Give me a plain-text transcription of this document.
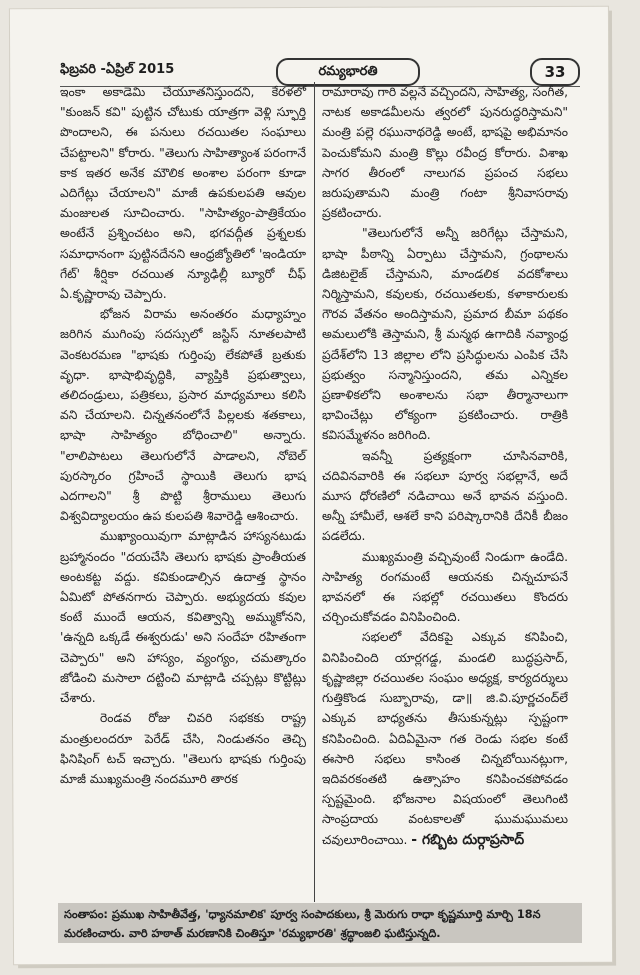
ఫిబ్రవరి -ఏప్రిల్ 2015	రమ్యభారతి	33

ఇంకా అకాడెమి చేయూతనిస్తుందని, కేరళలో "కుంజన్ కవి" పుట్టిన చోటుకు యాత్రగా వెళ్లి స్ఫూర్తి పొందాలని, ఈ పనులు రచయితల సంఘాలు చేపట్టాలని" కోరారు. "తెలుగు సాహిత్యాంశ పరంగానే కాక ఇతర అనేక మౌలిక అంశాల పరంగా కూడా ఎదిగేట్లు చేయాలని" మాజీ ఉపకులపతి ఆవుల మంజులత సూచించారు. "సాహిత్యం-పాత్రికేయం అంటేనే ప్రశ్నించటం అని, భగవద్గీత ప్రశ్నలకు సమాధానంగా పుట్టినదేనని ఆంధ్రజ్యోతిలో 'ఇండియా గేట్' శీర్షికా రచయిత న్యూఢిల్లీ బ్యూరో చీఫ్ ఏ.కృష్ణారావు చెప్పారు.

భోజన విరామ అనంతరం మధ్యాహ్నం జరిగిన ముగింపు సదస్సులో జస్టిస్ నూతలపాటి వెంకటరమణ "భాషకు గుర్తింపు లేకపోతే బ్రతుకు వృధా. భాషాభివృద్ధికి, వ్యాప్తికి ప్రభుత్వాలు, తలిదండ్రులు, పత్రికలు, ప్రసార మాధ్యమాలు కలిసి వని చేయాలని. చిన్నతనంలోనే పిల్లలకు శతకాలు, భాషా సాహిత్యం బోధించాలి" అన్నారు. "లాలిపాటలు తెలుగులోనే పాడాలని, నోబెల్ పురస్కారం గ్రహించే స్థాయికి తెలుగు భాష ఎదగాలని" శ్రీ పొట్టి శ్రీరాములు తెలుగు విశ్వవిద్యాలయం ఉప కులపతి శివారెడ్డి ఆశించారు.

ముఖ్యాంయివుగా మాట్లాడిన హాస్యనటుడు బ్రహ్మానందం "దయచేసి తెలుగు భాషకు ప్రాంతీయత అంటకట్ట వద్దు. కవికుండాల్సిన ఉదాత్త స్థానం ఏమిటో పోతనగారు చెప్పారు. అభ్యుదయ కవుల కంటే ముందే ఆయన, కవిత్వాన్ని అమ్ముకోనని, 'ఉన్నది ఒక్కడే ఈశ్వరుడు' అని సందేహ రహితంగా చెప్పారు" అని హాస్యం, వ్యంగ్యం, చమత్కారం జోడించి మసాలా దట్టించి మాట్లాడి చప్పట్లు కొట్టిట్లు చేశారు.

రెండవ రోజు చివరి సభకకు రాష్ట్ర మంత్రులందరూ పెరేడ్ చేసి, నిండుతనం తెచ్చి ఫినిషింగ్ టచ్ ఇచ్చారు. "తెలుగు భాషకు గుర్తింపు మాజీ ముఖ్యమంత్రి నందమూరి తారక

రామారావు గారి వల్లనే వచ్చిందని, సాహిత్య, సంగీత, నాటక అకాడమీలను త్వరలో పునరుద్ధరిస్తామని" మంత్రి పల్లె రఘునాథరెడ్డి అంటే, భాషపై అభిమానం పెంచుకోమని మంత్రి కొల్లు రవీంద్ర కోరారు. విశాఖ సాగర తీరంలో నాలుగవ ప్రపంచ సభలు జరుపుతామని మంత్రి గంటా శ్రీనివాసరావు ప్రకటించారు.

"తెలుగులోనే అన్నీ జరిగేట్లు చేస్తామని, భాషా పీఠాన్ని ఏర్పాటు చేస్తామని, గ్రంథాలను డిజిటలైజ్ చేస్తామని, మాండలిక వదకోశాలు నిర్మిస్తామని, కవులకు, రచయితలకు, కళాకారులకు గౌరవ వేతనం అందిస్తామని, ప్రమాద బీమా పథకం అమలులోకి తెస్తామని, శ్రీ మన్మథ ఉగాదికి నవ్యాంధ్ర ప్రదేశ్‌లోని 13 జిల్లాల లోని ప్రసిద్ధులను ఎంపిక చేసి ప్రభుత్వం సన్మానిస్తుందని, తమ ఎన్నికల ప్రణాళికలోని అంశాలను సభా తీర్మానాలుగా భావించేట్లు లోక్యంగా ప్రకటించారు. రాత్రికి కవిసమ్మేళనం జరిగింది.

ఇవన్నీ ప్రత్యక్షంగా చూసినవారికి, చదివినవారికి ఈ సభలూ పూర్వ సభల్లానే, అదే మూస ధోరణిలో నడిచాయి అనే భావన వస్తుంది. అన్నీ హామీలే, ఆశలే కాని పరిష్కారానికి దేనికీ బీజం పడలేదు.

ముఖ్యమంత్రి వచ్చివుంటే నిండుగా ఉండేది. సాహిత్య రంగమంటే ఆయనకు చిన్నచూపనే భావనలో ఈ సభల్లో రచయితలు కొందరు చర్చించుకోవడం వినిపించింది.

సభలలో వేదికపై ఎక్కువ కనిపించి, వినిపించింది యార్లగడ్డ, మండలి బుద్ధప్రసాద్, కృష్ణాజిల్లా రచయితల సంఘం అధ్యక్ష, కార్యదర్శులు గుత్తికొండ సుబ్బారావు, డా॥ జి.వి.పూర్ణచంద్‌లే ఎక్కువ బాధ్యతను తీసుకున్నట్లు స్పష్టంగా కనిపించింది. ఏదిఏమైనా గత రెండు సభల కంటే ఈసారి సభలు కాసింత చిన్నబోయినట్లుగా, ఇదివరకంతటి ఉత్సాహం కనిపించకపోవడం స్పష్టమైంది. భోజనాల విషయంలో తెలుగింటి సాంప్రదాయ వంటకాలతో ఘుమఘుమలు చవులూరించాయి. - గబ్బిట దుర్గాప్రసాద్

సంతాపం: ప్రముఖ సాహితీవేత్త, 'ధ్యానమాలిక' పూర్వ సంపాదకులు, శ్రీ మెరుగు రాధా కృష్ణమూర్తి మార్చి 18న మరణించారు. వారి హఠాత్ మరణానికి చింతిస్తూ 'రమ్యభారతి' శ్రద్ధాంజలి ఘటిస్తున్నది.
